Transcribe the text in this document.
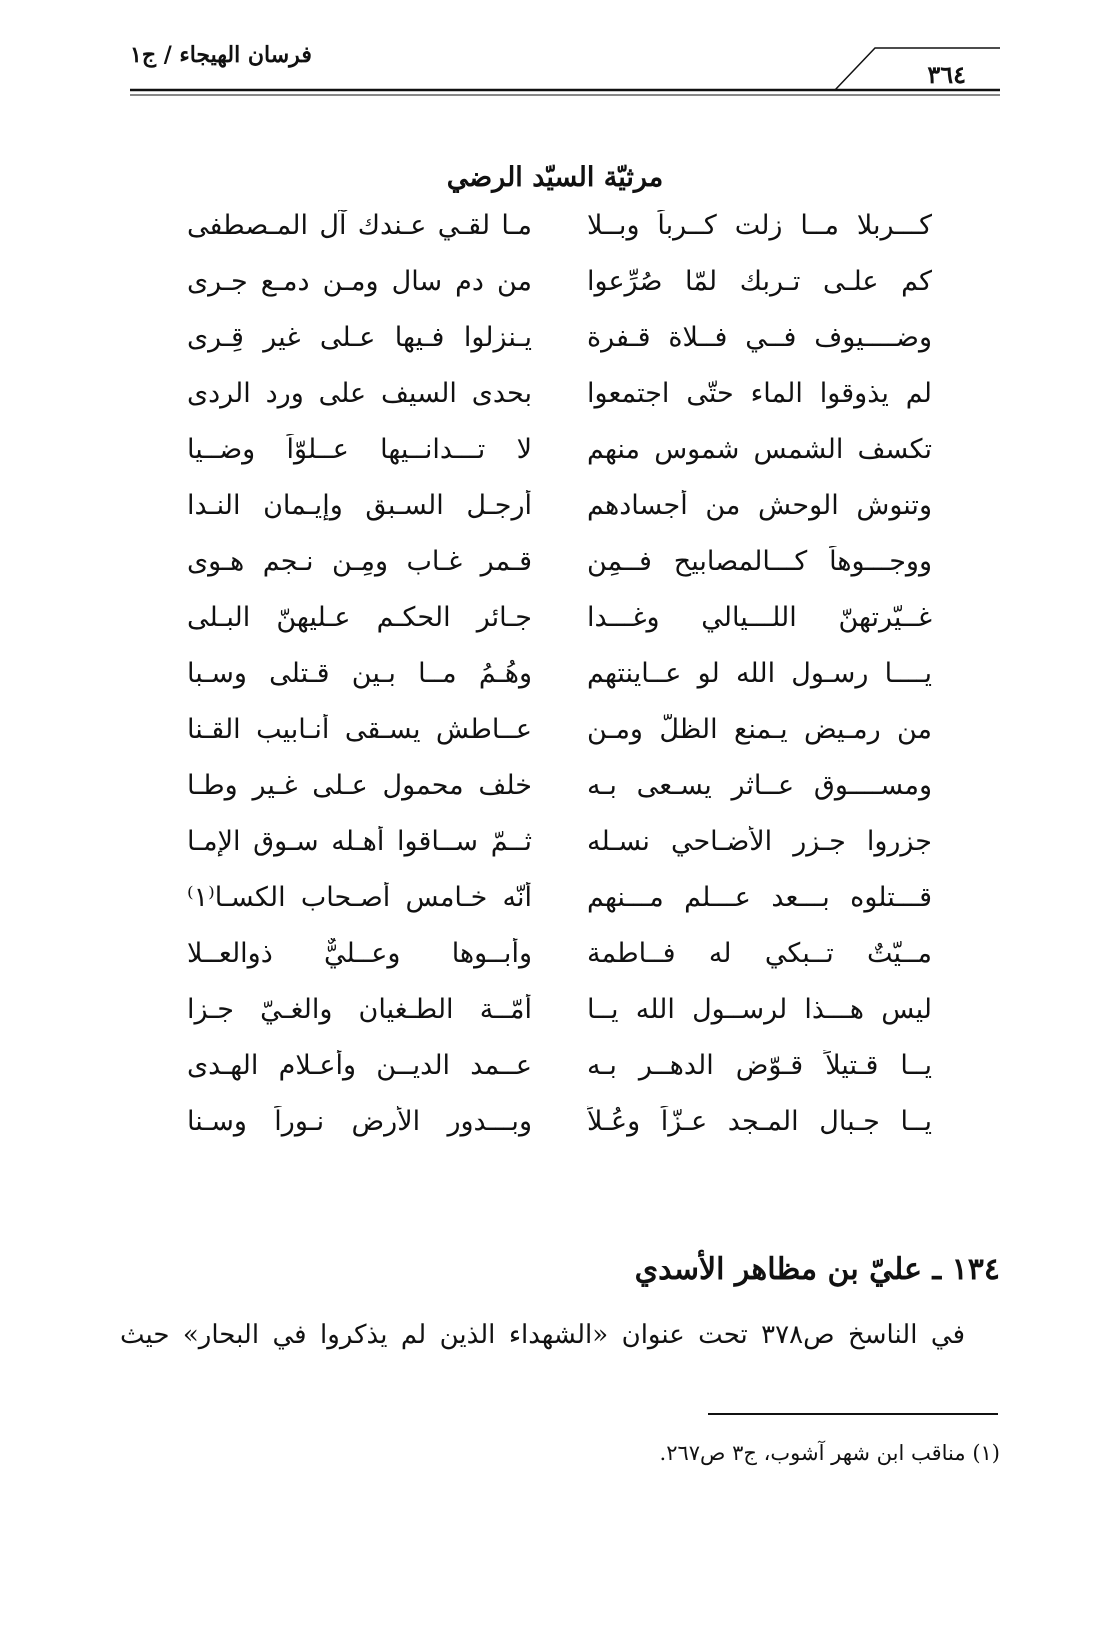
فرسان الهيجاء / ج١
٣٦٤
مرثيّة السيّد الرضي
كـــربلا مــا زلت كــرباً وبــلا
مـا لقـي عـندك آل المـصطفى
كم علـى تـربك لمّا صُرِّعوا
من دمٍ سال ومـن دمـعٍ جـرى
وضــــيوف فــي فــلاة قـفرة
يـنزلوا فـيها عـلى غير قِـرى
لم يذوقوا الماء حتّى اجتمعوا
بحدى السيف على ورد الردى
تكسف الشمس شموس منهم
لا تـــدانــيها عــلوّاً وضــيا
وتنوش الوحش من أجسادهم
أرجـل السـبق وإيـمان النـدا
ووجـــوهاً كـــالمصابيح فــمِن
قـمر غـاب ومِـن نـجم هـوى
غــيّرتهنّ اللـــيالي وغـــدا
جـائر الحكـم عـليهنّ البـلى
يــــا رسـول الله لو عــاينتهم
وهُـمُ مــا بـين قـتلى وسـبا
من رمـيض يـمنع الظلّ ومـن
عــاطش يسـقى أنـابيب القـنا
ومســــوق عــاثر يسـعى بـه
خلف محمول عـلى غـير وطـا
جزروا جـزر الأضـاحي نسـله
ثــمّ ســاقوا أهـله سـوق الإمـا
قـــتلوه بـــعد عـــلم مـــنهم
أنّه خـامس أصـحاب الكسـا⁽١⁾
مــيّتٌ تــبكي له فــاطمة
وأبــوها وعــليٌّ ذوالعــلا
ليس هـــذا لرســول الله يــا
أُمّــة الطـغيان والغـيّ جـزا
يــا قـتيلاً قـوّض الدهــر بـه
عــمد الديــن وأعـلام الهـدى
يــا جـبال المـجد عـزّاً وعُـلاً
وبـــدور الأرض نـوراً وسـنا
١٣٤ ـ عليّ بن مظاهر الأسدي
في الناسخ ص٣٧٨ تحت عنوان «الشهداء الذين لم يذكروا في البحار» حيث
(١) مناقب ابن شهر آشوب، ج٣ ص٢٦٧.
